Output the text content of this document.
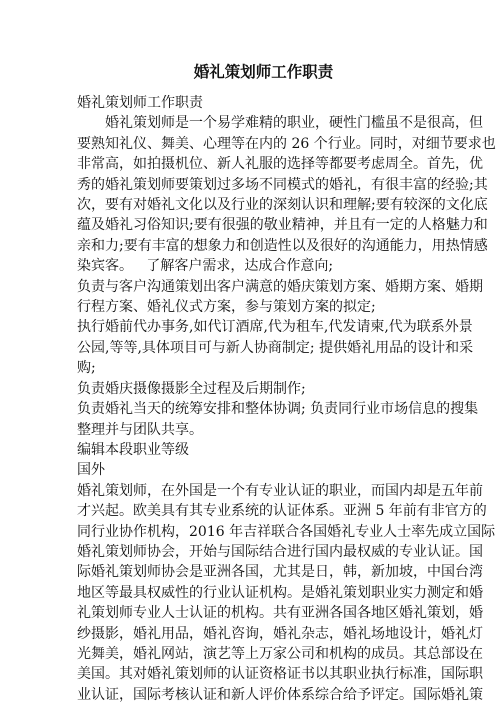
婚礼策划师工作职责
婚礼策划师工作职责
婚礼策划师是一个易学难精的职业，硬性门槛虽不是很高，但
要熟知礼仪、舞美、心理等在内的 26 个行业。同时，对细节要求也
非常高，如拍摄机位、新人礼服的选择等都要考虑周全。首先，优
秀的婚礼策划师要策划过多场不同模式的婚礼，有很丰富的经验;其
次，要有对婚礼文化以及行业的深刻认识和理解;要有较深的文化底
蕴及婚礼习俗知识;要有很强的敬业精神，并且有一定的人格魅力和
亲和力;要有丰富的想象力和创造性以及很好的沟通能力，用热情感
染宾客。   了解客户需求，达成合作意向;
负责与客户沟通策划出客户满意的婚庆策划方案、婚期方案、婚期
行程方案、婚礼仪式方案，参与策划方案的拟定;
执行婚前代办事务,如代订酒席,代为租车,代发请柬,代为联系外景
公园,等等,具体项目可与新人协商制定; 提供婚礼用品的设计和采
购;
负责婚庆摄像摄影全过程及后期制作;
负责婚礼当天的统筹安排和整体协调; 负责同行业市场信息的搜集
整理并与团队共享。
编辑本段职业等级
国外
婚礼策划师，在外国是一个有专业认证的职业，而国内却是五年前
才兴起。欧美具有其专业系统的认证体系。亚洲 5 年前有非官方的
同行业协作机构，2016 年吉祥联合各国婚礼专业人士率先成立国际
婚礼策划师协会，开始与国际结合进行国内最权威的专业认证。国
际婚礼策划师协会是亚洲各国，尤其是日，韩，新加坡，中国台湾
地区等最具权威性的行业认证机构。是婚礼策划职业实力测定和婚
礼策划师专业人士认证的机构。共有亚洲各国各地区婚礼策划，婚
纱摄影，婚礼用品，婚礼咨询，婚礼杂志，婚礼场地设计，婚礼灯
光舞美，婚礼网站，演艺等上万家公司和机构的成员。其总部设在
美国。其对婚礼策划师的认证资格证书以其职业执行标准，国际职
业认证，国际考核认证和新人评价体系综合给予评定。国际婚礼策
